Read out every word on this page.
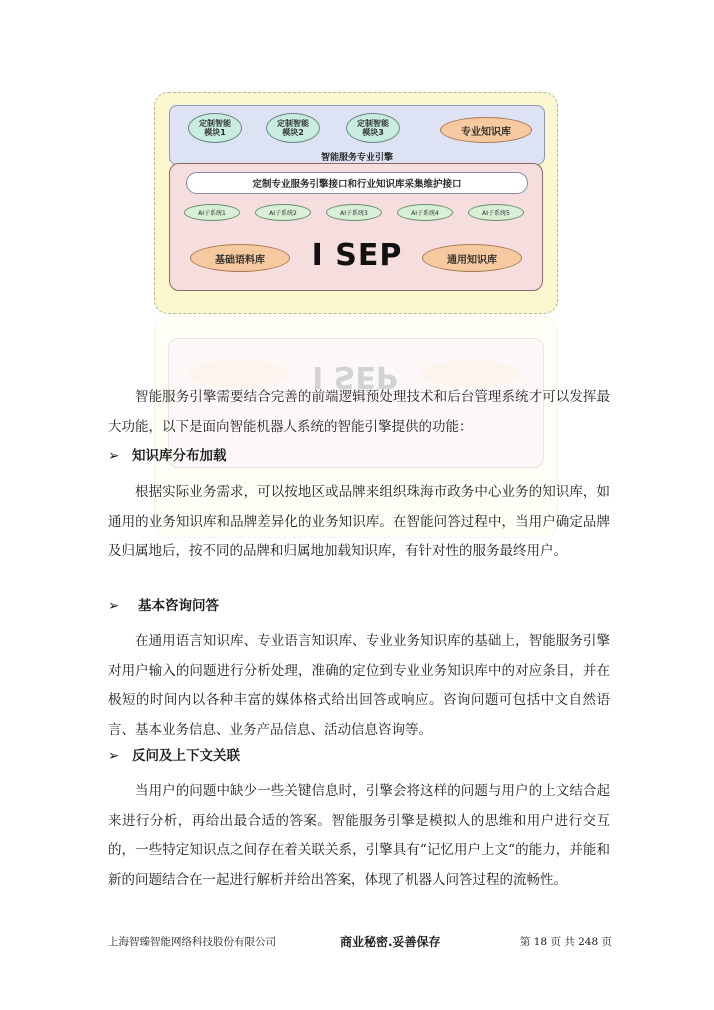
定制智能
模块1
定制智能
模块2
定制智能
模块3	专业知识库
智能服务专业引擎
定制专业服务引擎接口和行业知识库采集维护接口
AI子系统1	AI子系统2	AI子系统3	AI子系统4	AI子系统5
基础语料库	I SEP	通用知识库
I SEP

智能服务引擎需要结合完善的前端逻辑预处理技术和后台管理系统才可以发挥最大功能，以下是面向智能机器人系统的智能引擎提供的功能：

➢ 知识库分布加载

根据实际业务需求，可以按地区或品牌来组织珠海市政务中心业务的知识库，如通用的业务知识库和品牌差异化的业务知识库。在智能问答过程中，当用户确定品牌及归属地后，按不同的品牌和归属地加载知识库，有针对性的服务最终用户。

➢ 基本咨询问答

在通用语言知识库、专业语言知识库、专业业务知识库的基础上，智能服务引擎对用户输入的问题进行分析处理，准确的定位到专业业务知识库中的对应条目，并在极短的时间内以各种丰富的媒体格式给出回答或响应。咨询问题可包括中文自然语言、基本业务信息、业务产品信息、活动信息咨询等。

➢ 反问及上下文关联

当用户的问题中缺少一些关键信息时，引擎会将这样的问题与用户的上文结合起来进行分析，再给出最合适的答案。智能服务引擎是模拟人的思维和用户进行交互的，一些特定知识点之间存在着关联关系，引擎具有“记忆用户上文“的能力，并能和新的问题结合在一起进行解析并给出答案，体现了机器人问答过程的流畅性。

上海智臻智能网络科技股份有限公司	商业秘密.妥善保存	第 18 页 共 248 页
